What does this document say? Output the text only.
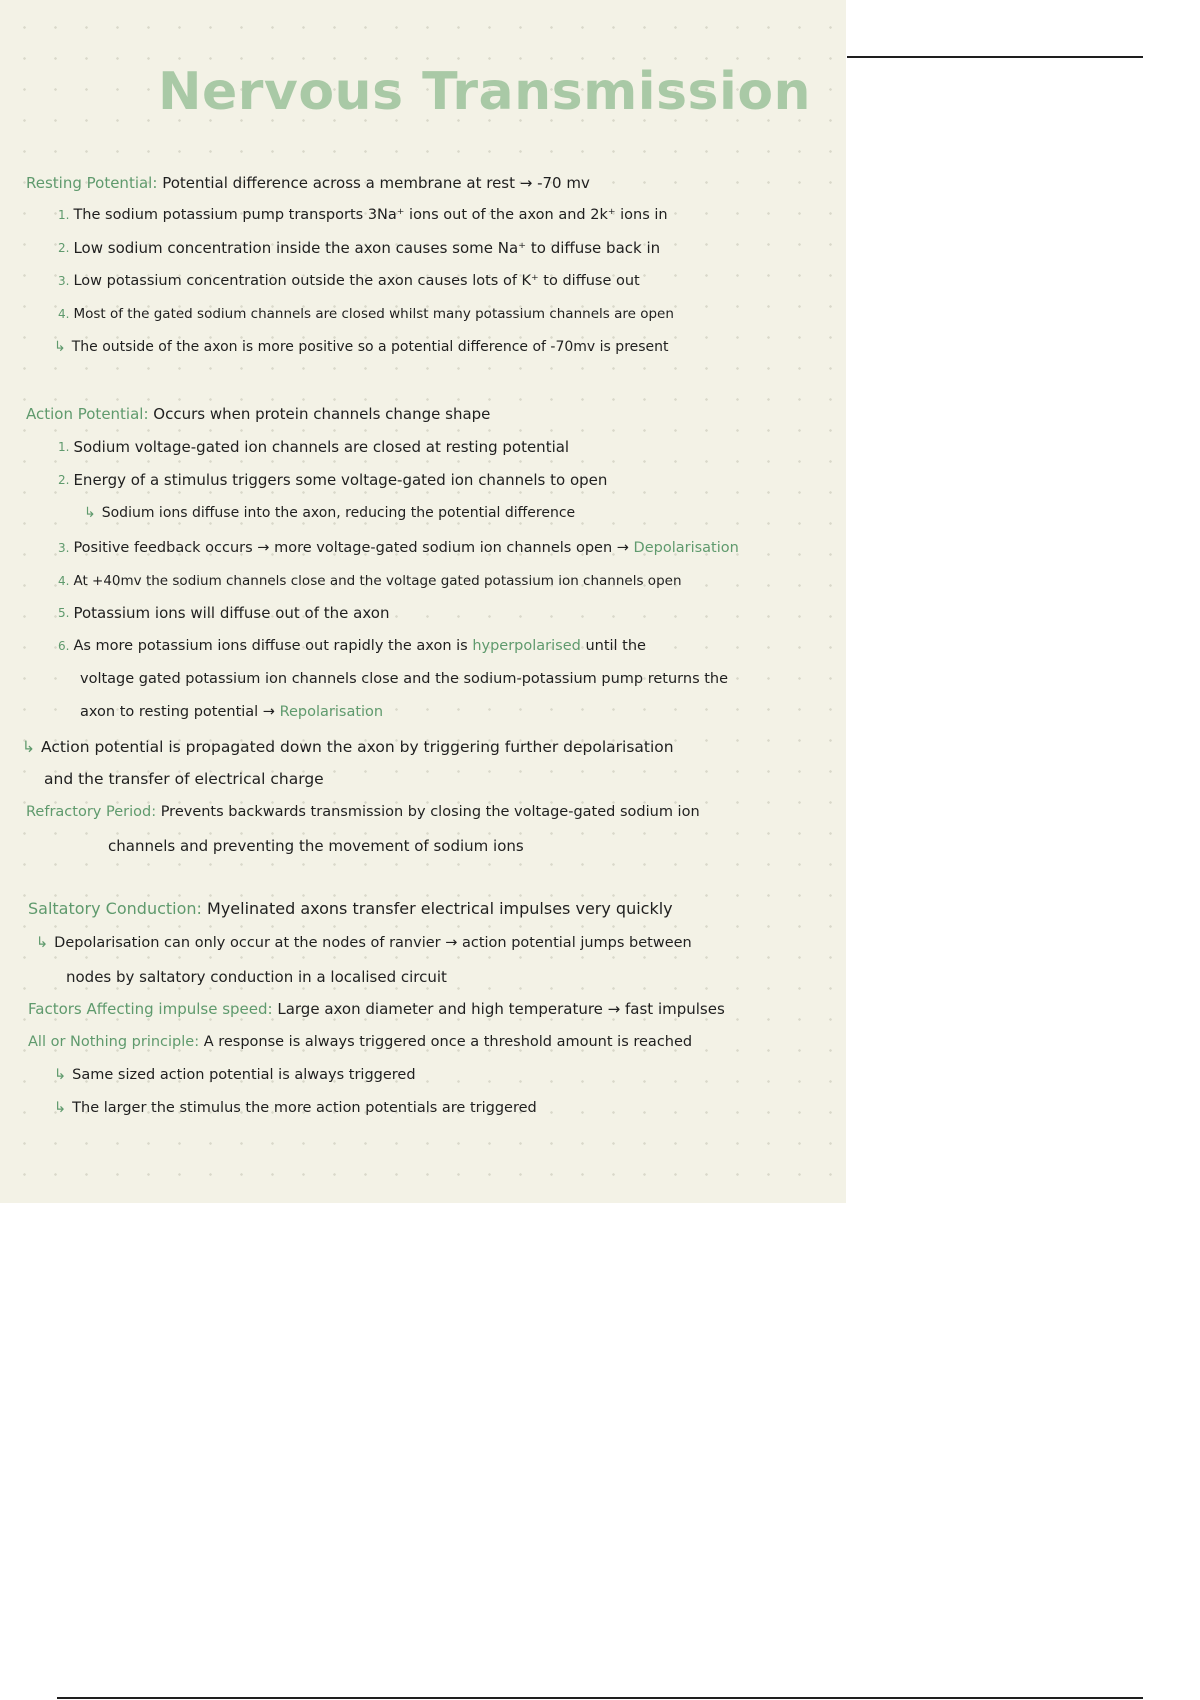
Nervous Transmission
Resting Potential: Potential difference across a membrane at rest → -70 mv
$^{1.}$ The sodium potassium pump transports 3Na⁺ ions out of the axon and 2k⁺ ions in
$^{2.}$ Low sodium concentration inside the axon causes some Na⁺ to diffuse back in
$^{3.}$ Low potassium concentration outside the axon causes lots of K⁺ to diffuse out
4. Most of the gated sodium channels are closed whilst many potassium channels are open
↳ The outside of the axon is more positive so a potential difference of -70mv is present
Action Potential: Occurs when protein channels change shape
$^{1.}$ Sodium voltage-gated ion channels are closed at resting potential
$^{2.}$ Energy of a stimulus triggers some voltage-gated ion channels to open
↳ Sodium ions diffuse into the axon, reducing the potential difference
$^{3.}$ Positive feedback occurs → more voltage-gated sodium ion channels open → Depolarisation
4. At +40mv the sodium channels close and the voltage gated potassium ion channels open
$^{5.}$ Potassium ions will diffuse out of the axon
$^{6.}$ As more potassium ions diffuse out rapidly the axon is hyperpolarised until the
voltage gated potassium ion channels close and the sodium-potassium pump returns the
axon to resting potential → Repolarisation
↳ Action potential is propagated down the axon by triggering further depolarisation
and the transfer of electrical charge
Refractory Period: Prevents backwards transmission by closing the voltage-gated sodium ion
channels and preventing the movement of sodium ions
Saltatory Conduction: Myelinated axons transfer electrical impulses very quickly
↳ Depolarisation can only occur at the nodes of ranvier → action potential jumps between
nodes by saltatory conduction in a localised circuit
Factors Affecting impulse speed: Large axon diameter and high temperature → fast impulses
All or Nothing principle: A response is always triggered once a threshold amount is reached
↳ Same sized action potential is always triggered
↳ The larger the stimulus the more action potentials are triggered
